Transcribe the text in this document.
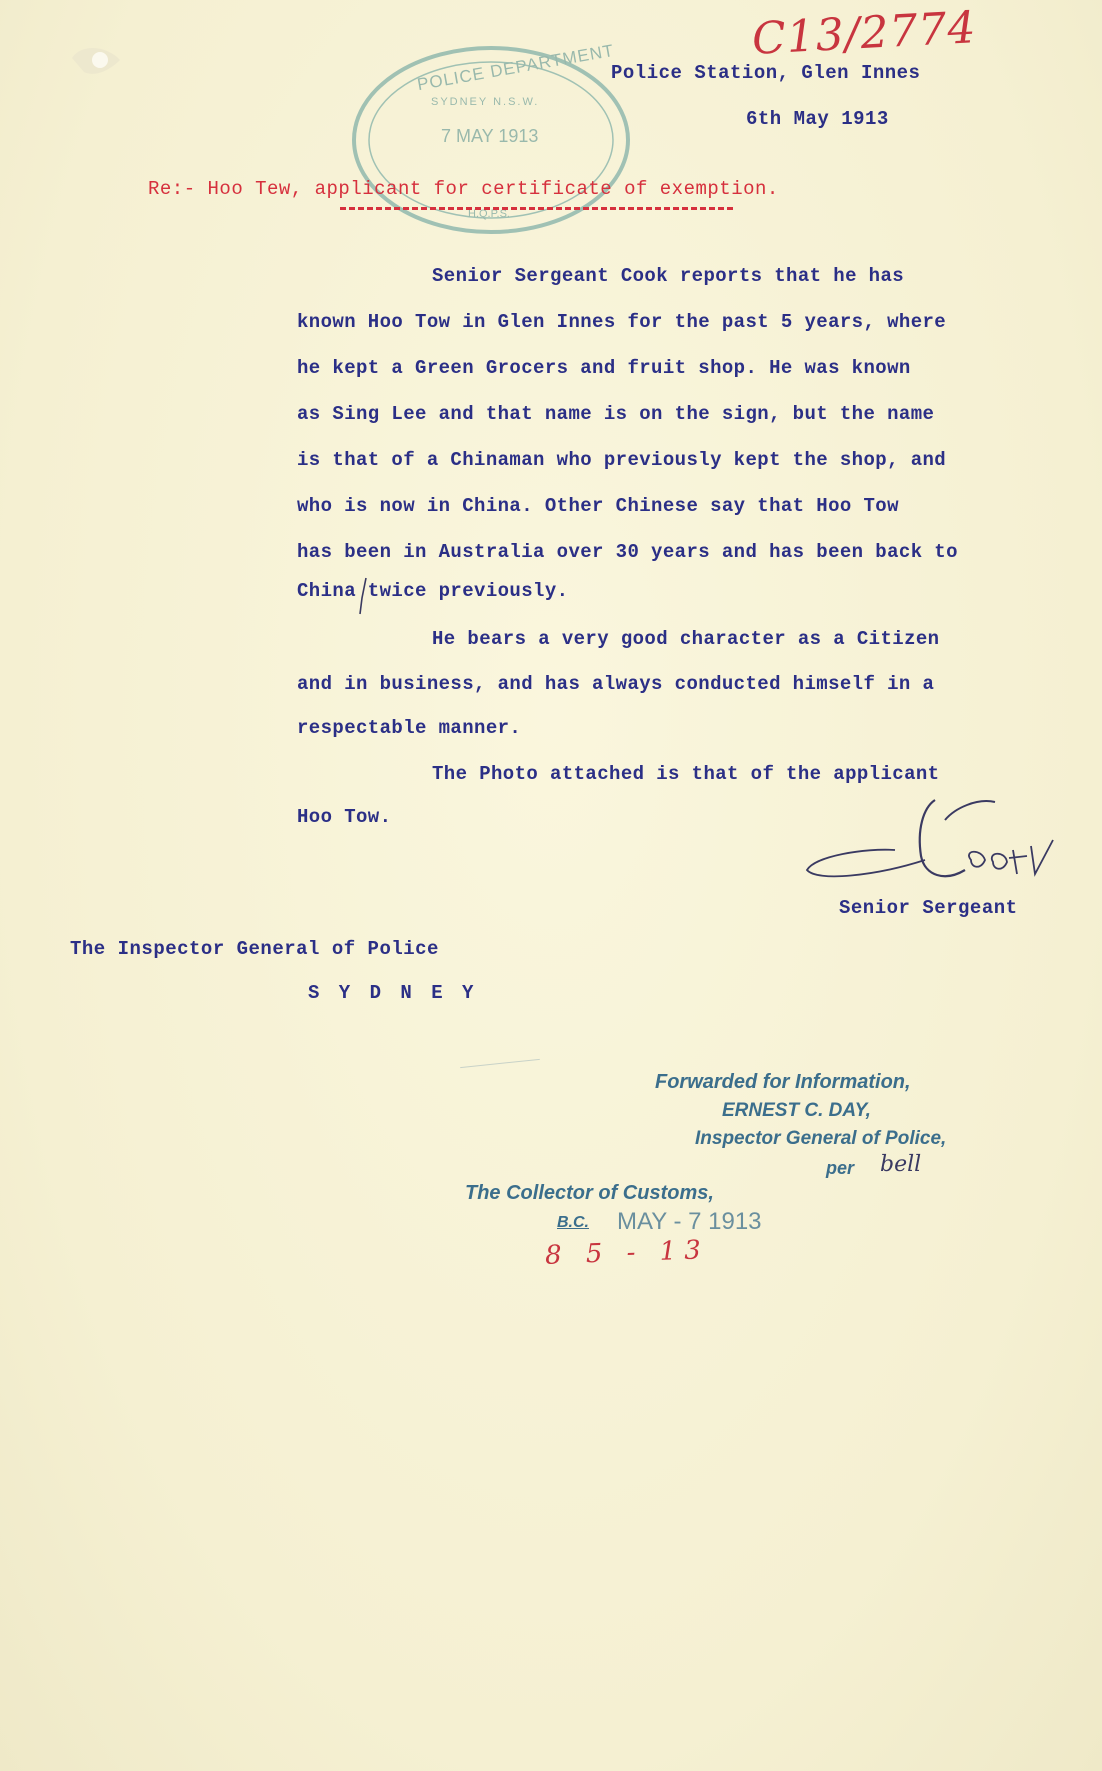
C13/2774
POLICE DEPARTMENT
SYDNEY N.S.W.
7 MAY 1913
H.Q.P.S.
Police Station, Glen Innes
6th May 1913
Re:- Hoo Tew, applicant for certificate of exemption.
Senior Sergeant Cook reports that he has
known Hoo Tow in Glen Innes for the past 5 years, where
he kept a Green Grocers and fruit shop. He was known
as Sing Lee and that name is on the sign, but the name
is that of a Chinaman who previously kept the shop, and
who is now in China. Other Chinese say that Hoo Tow
has been in Australia over 30 years and has been back to
China twice previously.
He bears a very good character as a Citizen
and in business, and has always conducted himself in a
respectable manner.
The Photo attached is that of the applicant
Hoo Tow.
Senior Sergeant
The Inspector General of Police
S Y D N E Y
Forwarded for Information,
ERNEST C. DAY,
Inspector General of Police,
per bell
The Collector of Customs,
B.C. MAY - 7 1913
8 5 - 13
